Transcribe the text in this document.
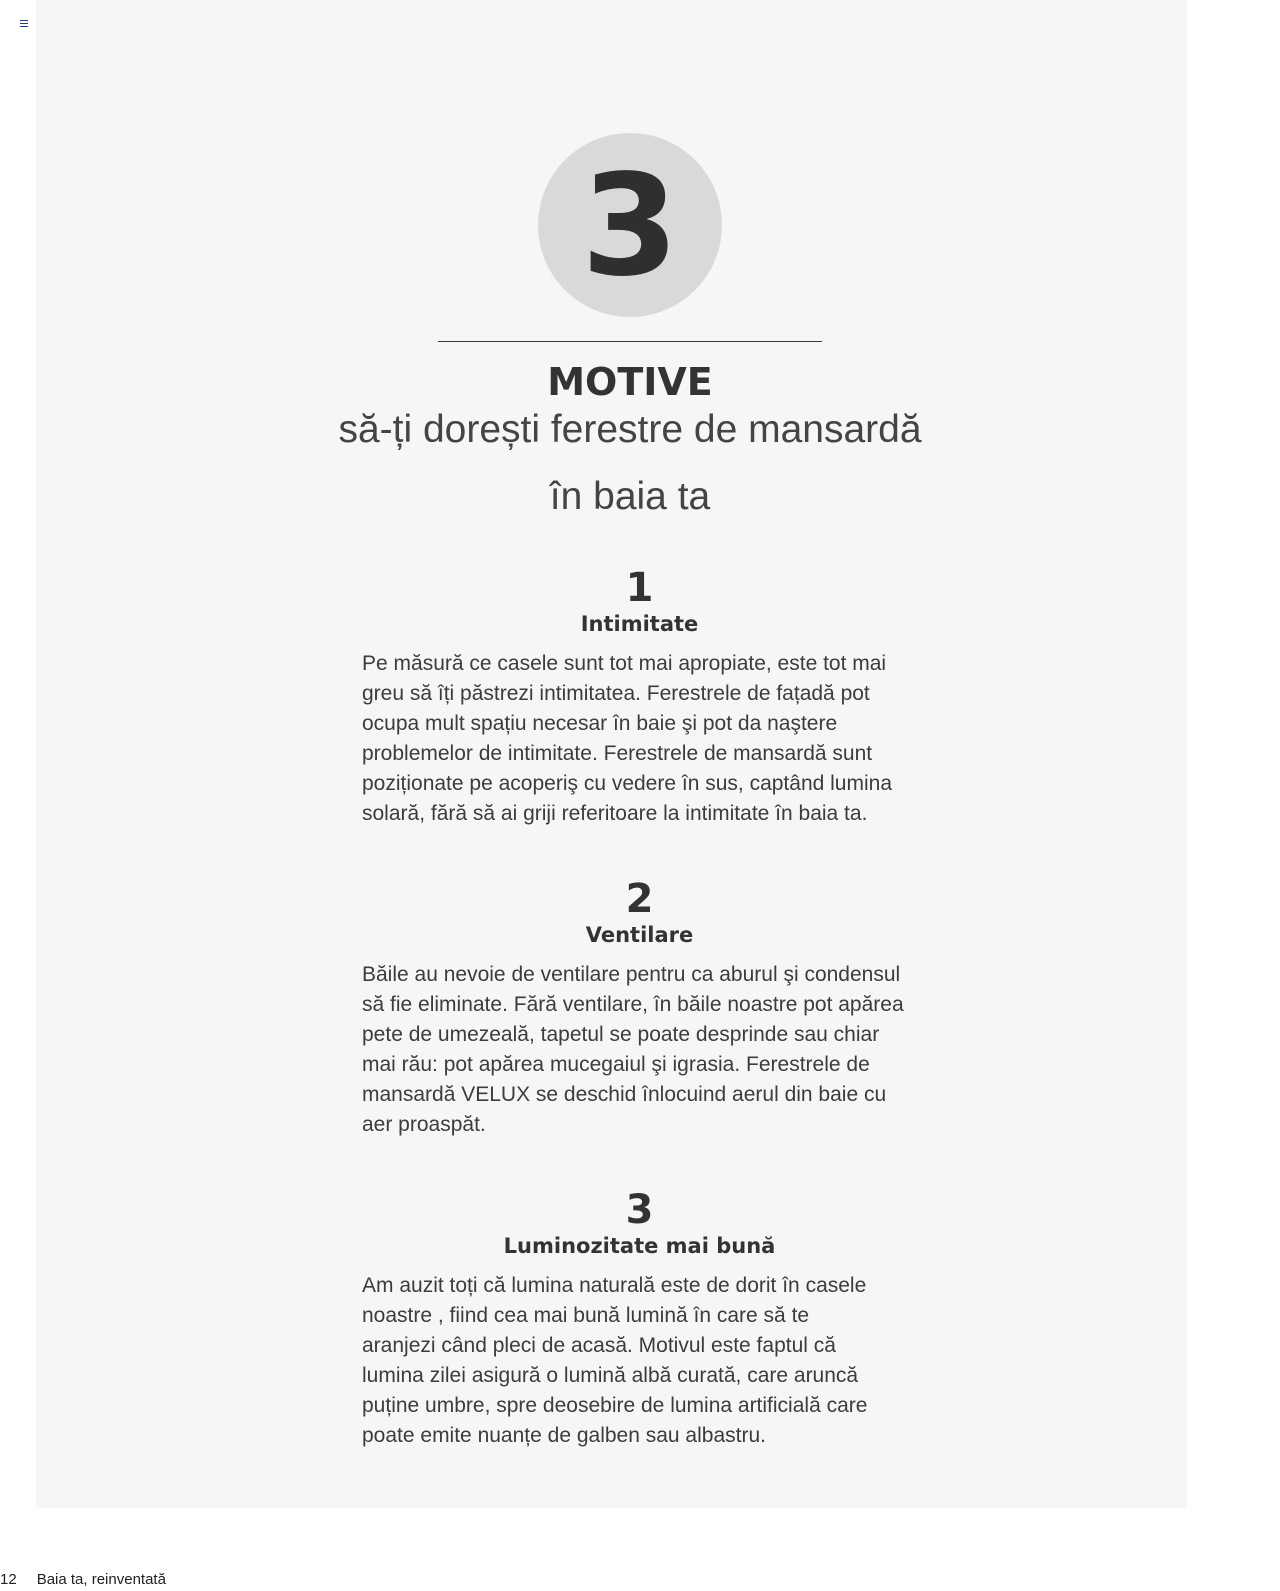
3
MOTIVE
să-ți dorești ferestre de mansardă
în baia ta
1
Intimitate
Pe măsură ce casele sunt tot mai apropiate, este tot mai greu să îți păstrezi intimitatea. Ferestrele de fațadă pot ocupa mult spațiu necesar în baie şi pot da naştere problemelor de intimitate. Ferestrele de mansardă sunt poziționate pe acoperiş cu vedere în sus, captând lumina solară, fără să ai griji referitoare la intimitate în baia ta.
2
Ventilare
Băile au nevoie de ventilare pentru ca aburul şi condensul să fie eliminate. Fără ventilare, în băile noastre pot apărea pete de umezeală, tapetul se poate desprinde sau chiar mai rău: pot apărea mucegaiul şi igrasia. Ferestrele de mansardă VELUX se deschid înlocuind aerul din baie cu aer proaspăt.
3
Luminozitate mai bună
Am auzit toți că lumina naturală este de dorit în casele noastre , fiind cea mai bună lumină în care să te aranjezi când pleci de acasă. Motivul este faptul că lumina zilei asigură o lumină albă curată, care aruncă puține umbre, spre deosebire de lumina artificială care poate emite nuanțe de galben sau albastru.
12 Baia ta, reinventată
